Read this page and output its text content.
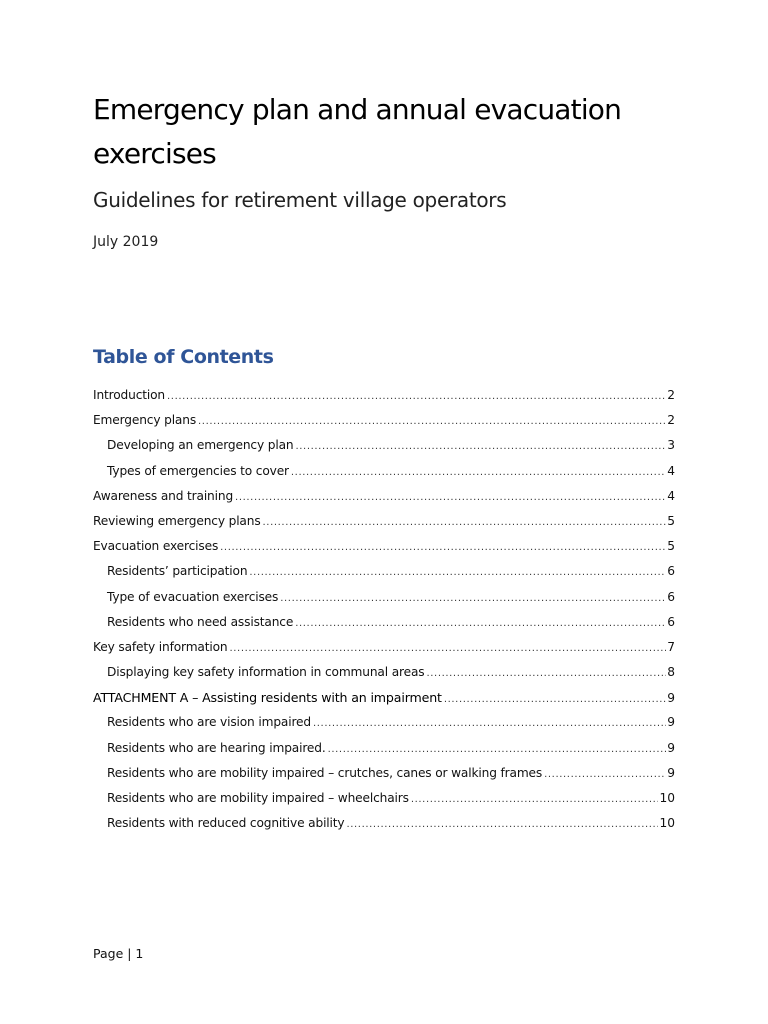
Emergency plan and annual evacuation exercises

Guidelines for retirement village operators

July 2019

Table of Contents
Introduction .....	2
Emergency plans .....	2
Developing an emergency plan .....	3
Types of emergencies to cover .....	4
Awareness and training .....	4
Reviewing emergency plans .....	5
Evacuation exercises .....	5
Residents’ participation .....	6
Type of evacuation exercises .....	6
Residents who need assistance .....	6
Key safety information .....	7
Displaying key safety information in communal areas .....	8
ATTACHMENT A – Assisting residents with an impairment .....	9
Residents who are vision impaired .....	9
Residents who are hearing impaired. .....	9
Residents who are mobility impaired – crutches, canes or walking frames .....	9
Residents who are mobility impaired – wheelchairs .....	10
Residents with reduced cognitive ability .....	10

Page | 1
